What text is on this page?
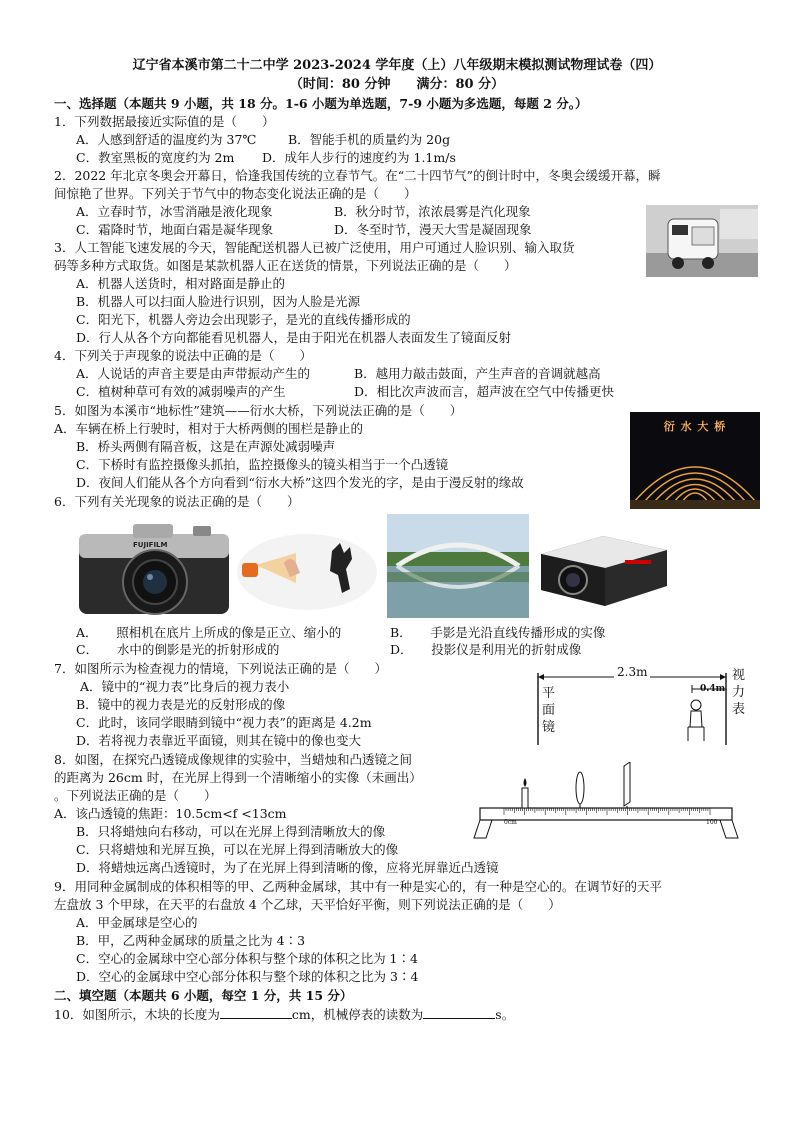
辽宁省本溪市第二十二中学 2023-2024 学年度（上）八年级期末模拟测试物理试卷（四）
（时间：80 分钟　　满分：80 分）
一、选择题（本题共 9 小题，共 18 分。1-6 小题为单选题，7-9 小题为多选题，每题 2 分。）
1．下列数据最接近实际值的是（　　）
A．人感到舒适的温度约为 37℃	B．智能手机的质量约为 20g
C．教室黑板的宽度约为 2m D．成年人步行的速度约为 1.1m/s
2．2022 年北京冬奥会开幕日，恰逢我国传统的立春节气。在“二十四节气”的倒计时中，冬奥会缓缓开幕，瞬
间惊艳了世界。下列关于节气中的物态变化说法正确的是（　　）
A．立春时节，冰雪消融是液化现象	B．秋分时节，浓浓晨雾是汽化现象
C．霜降时节，地面白霜是凝华现象	D．冬至时节，漫天大雪是凝固现象
3．人工智能飞速发展的今天，智能配送机器人已被广泛使用，用户可通过人脸识别、输入取货
码等多种方式取货。如图是某款机器人正在送货的情景，下列说法正确的是（　　）
A．机器人送货时，相对路面是静止的
B．机器人可以扫面人脸进行识别，因为人脸是光源
C．阳光下，机器人旁边会出现影子，是光的直线传播形成的
D．行人从各个方向都能看见机器人，是由于阳光在机器人表面发生了镜面反射
4．下列关于声现象的说法中正确的是（　　）
A．人说话的声音主要是由声带振动产生的	B．越用力敲击鼓面，产生声音的音调就越高
C．植树种草可有效的减弱噪声的产生	D．相比次声波而言，超声波在空气中传播更快
5．如图为本溪市“地标性”建筑——衍水大桥，下列说法正确的是（　　）
A．车辆在桥上行驶时，相对于大桥两侧的围栏是静止的
B．桥头两侧有隔音板，这是在声源处减弱噪声
C．下桥时有监控摄像头抓拍，监控摄像头的镜头相当于一个凸透镜
D．夜间人们能从各个方向看到“衍水大桥”这四个发光的字，是由于漫反射的缘故
衍 水 大 桥
6．下列有关光现象的说法正确的是（　　）
FUJIFILM
A．　　照相机在底片上所成的像是正立、缩小的	B．　　手影是光沿直线传播形成的实像
C．　　水中的倒影是光的折射形成的	D．　　投影仪是利用光的折射成像
7．如图所示为检查视力的情境，下列说法正确的是（　　）
A．镜中的“视力表”比身后的视力表小
B．镜中的视力表是光的反射形成的像
C．此时，该同学眼睛到镜中“视力表”的距离是 4.2m
D．若将视力表靠近平面镜，则其在镜中的像也变大
2.3m
0.4m
平
面
镜
视
力
表
8．如图，在探究凸透镜成像规律的实验中，当蜡烛和凸透镜之间
的距离为 26cm 时，在光屏上得到一个清晰缩小的实像（未画出）
。下列说法正确的是（　　）
A．该凸透镜的焦距：10.5cm<f <13cm
B．只将蜡烛向右移动，可以在光屏上得到清晰放大的像
C．只将蜡烛和光屏互换，可以在光屏上得到清晰放大的像
D．将蜡烛远离凸透镜时，为了在光屏上得到清晰的像，应将光屏靠近凸透镜
0cm	100
9．用同种金属制成的体积相等的甲、乙两种金属球，其中有一种是实心的，有一种是空心的。在调节好的天平
左盘放 3 个甲球，在天平的右盘放 4 个乙球，天平恰好平衡，则下列说法正确的是（　　）
A．甲金属球是空心的
B．甲，乙两种金属球的质量之比为 4∶3
C．空心的金属球中空心部分体积与整个球的体积之比为 1∶4
D．空心的金属球中空心部分体积与整个球的体积之比为 3∶4
二、填空题（本题共 6 小题，每空 1 分，共 15 分）
10．如图所示，木块的长度为	cm，机械停表的读数为	s。
